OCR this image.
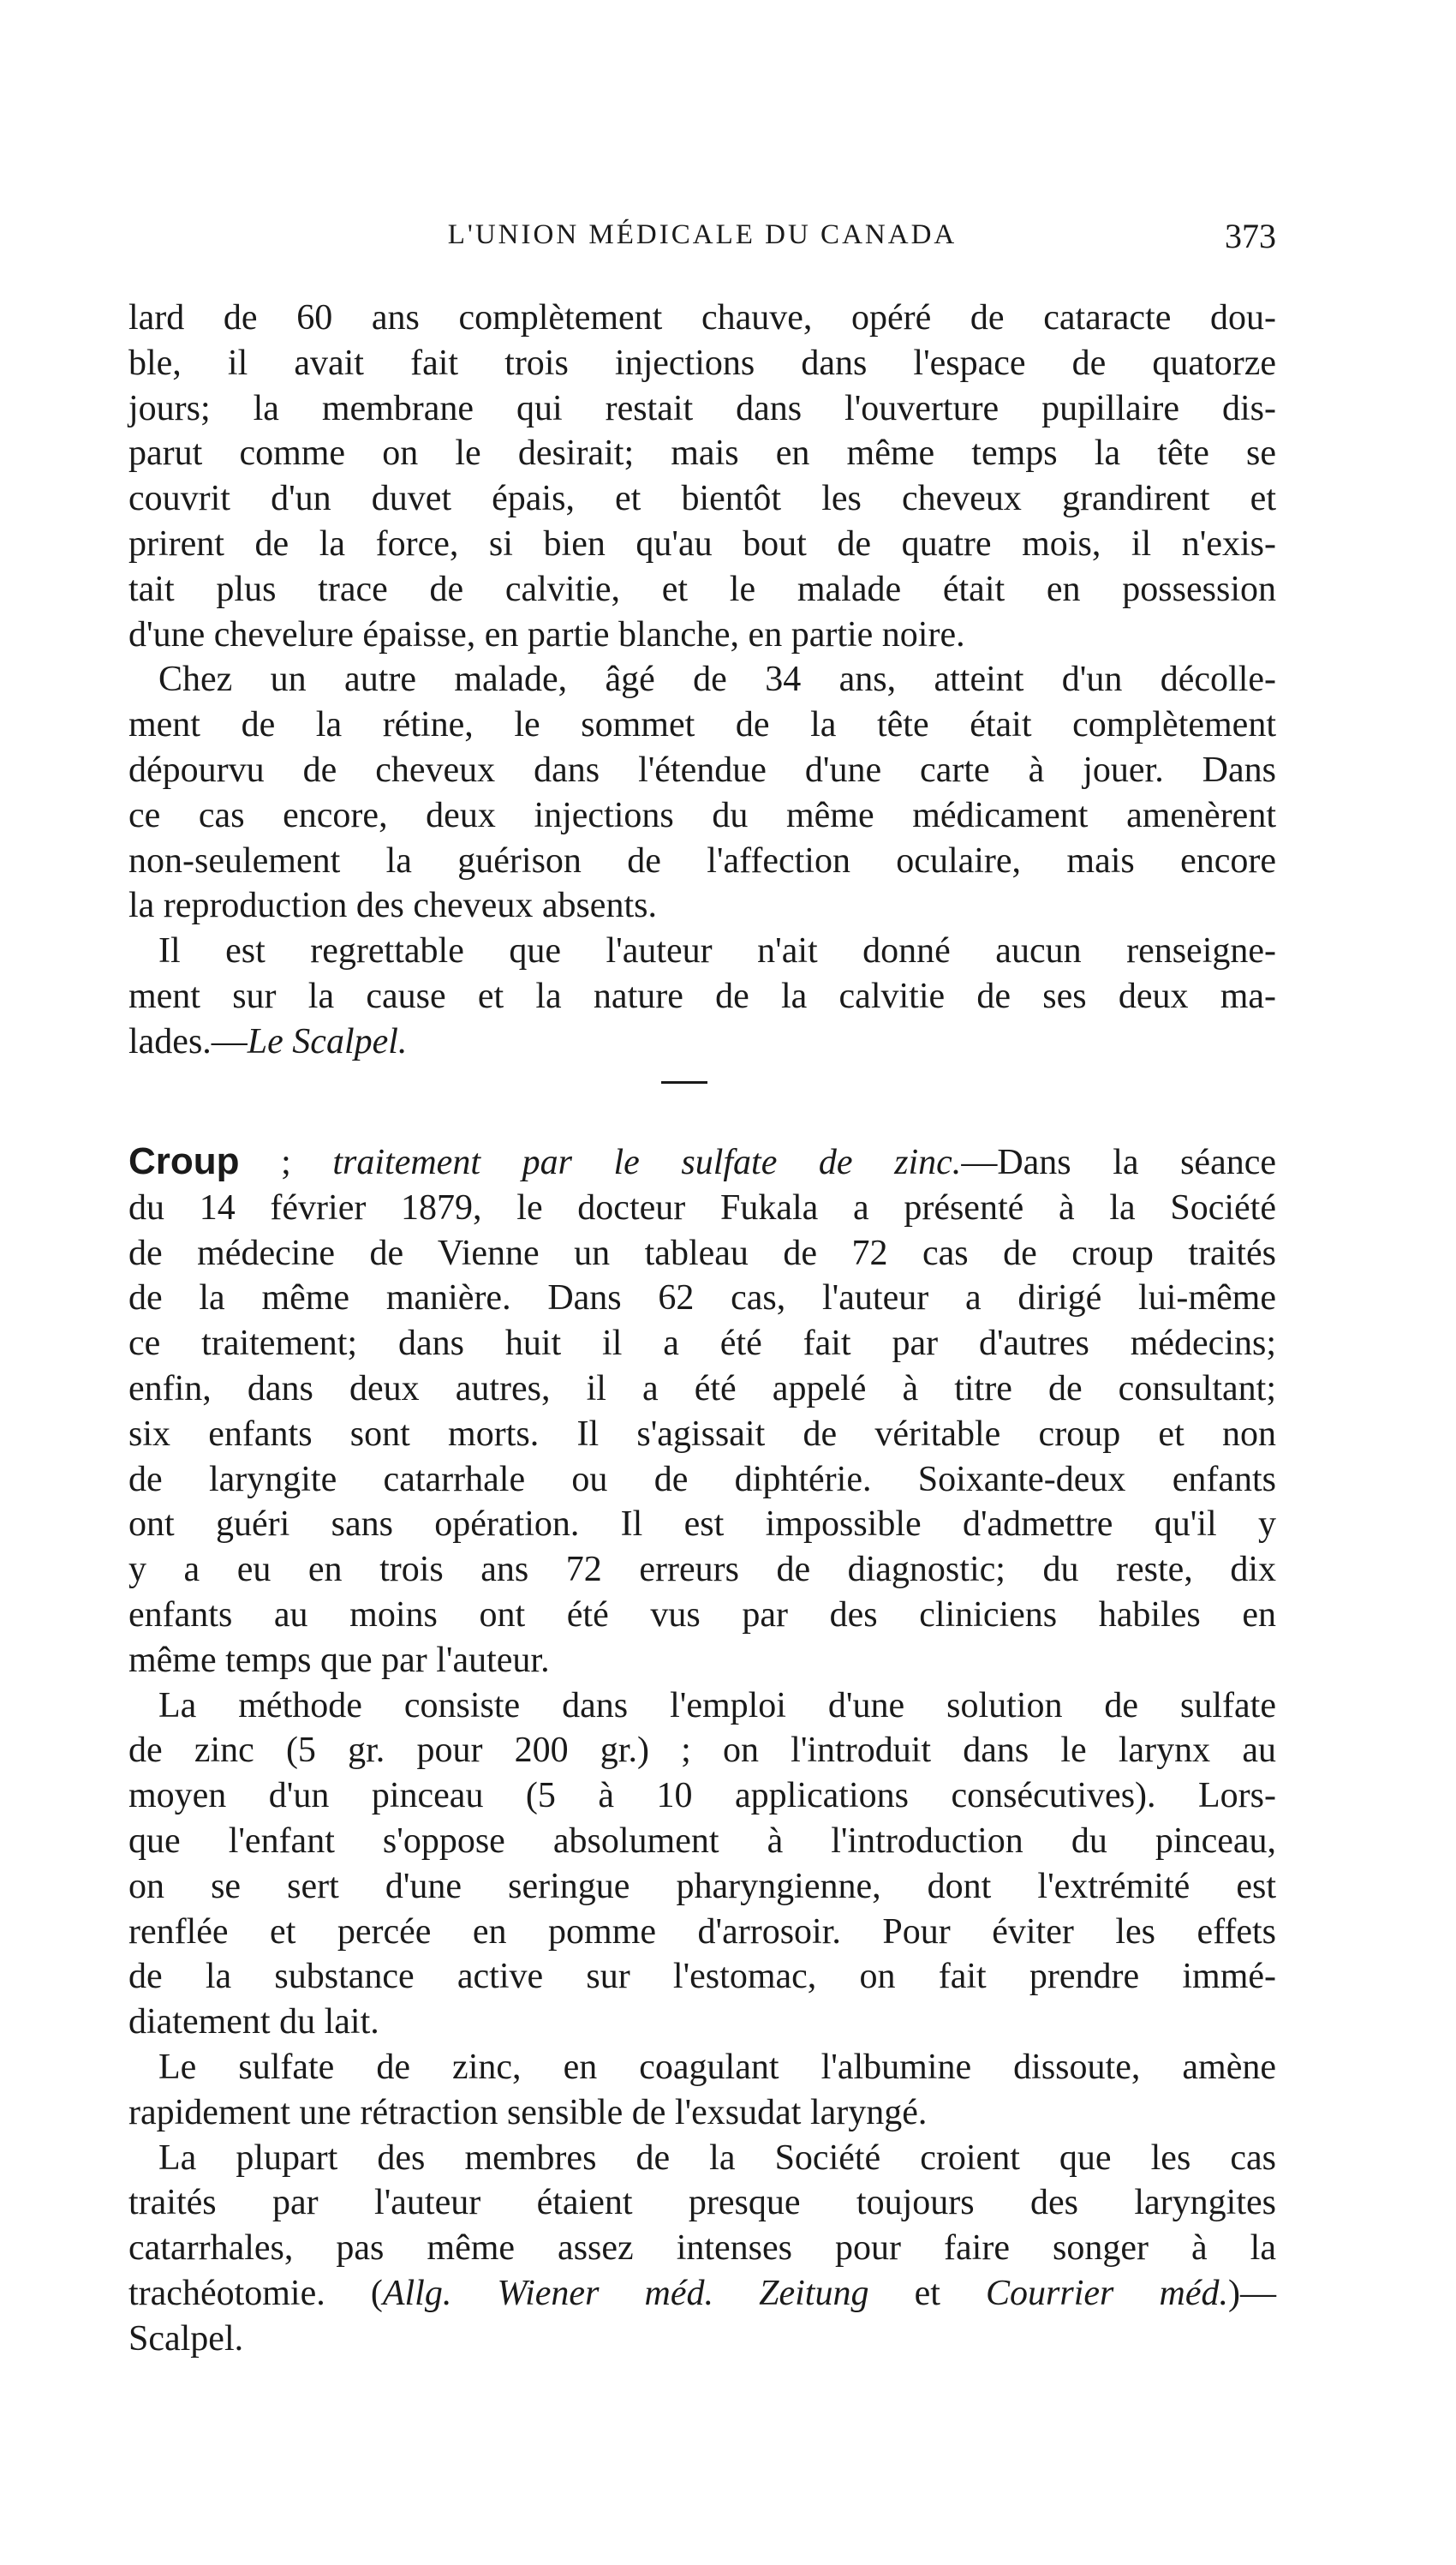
L'UNION MÉDICALE DU CANADA	373
lard de 60 ans complètement chauve, opéré de cataracte dou-
ble, il avait fait trois injections dans l'espace de quatorze
jours; la membrane qui restait dans l'ouverture pupillaire dis-
parut comme on le desirait; mais en même temps la tête se
couvrit d'un duvet épais, et bientôt les cheveux grandirent et
prirent de la force, si bien qu'au bout de quatre mois, il n'exis-
tait plus trace de calvitie, et le malade était en possession
d'une chevelure épaisse, en partie blanche, en partie noire.
Chez un autre malade, âgé de 34 ans, atteint d'un décolle-
ment de la rétine, le sommet de la tête était complètement
dépourvu de cheveux dans l'étendue d'une carte à jouer. Dans
ce cas encore, deux injections du même médicament amenèrent
non-seulement la guérison de l'affection oculaire, mais encore
la reproduction des cheveux absents.
Il est regrettable que l'auteur n'ait donné aucun renseigne-
ment sur la cause et la nature de la calvitie de ses deux ma-
lades.—Le Scalpel.
Croup ; traitement par le sulfate de zinc.—Dans la séance
du 14 février 1879, le docteur Fukala a présenté à la Société
de médecine de Vienne un tableau de 72 cas de croup traités
de la même manière. Dans 62 cas, l'auteur a dirigé lui-même
ce traitement; dans huit il a été fait par d'autres médecins;
enfin, dans deux autres, il a été appelé à titre de consultant;
six enfants sont morts. Il s'agissait de véritable croup et non
de laryngite catarrhale ou de diphtérie. Soixante-deux enfants
ont guéri sans opération. Il est impossible d'admettre qu'il y
y a eu en trois ans 72 erreurs de diagnostic; du reste, dix
enfants au moins ont été vus par des cliniciens habiles en
même temps que par l'auteur.
La méthode consiste dans l'emploi d'une solution de sulfate
de zinc (5 gr. pour 200 gr.) ; on l'introduit dans le larynx au
moyen d'un pinceau (5 à 10 applications consécutives). Lors-
que l'enfant s'oppose absolument à l'introduction du pinceau,
on se sert d'une seringue pharyngienne, dont l'extrémité est
renflée et percée en pomme d'arrosoir. Pour éviter les effets
de la substance active sur l'estomac, on fait prendre immé-
diatement du lait.
Le sulfate de zinc, en coagulant l'albumine dissoute, amène
rapidement une rétraction sensible de l'exsudat laryngé.
La plupart des membres de la Société croient que les cas
traités par l'auteur étaient presque toujours des laryngites
catarrhales, pas même assez intenses pour faire songer à la
trachéotomie. (Allg. Wiener méd. Zeitung et Courrier méd.)—
Scalpel.
